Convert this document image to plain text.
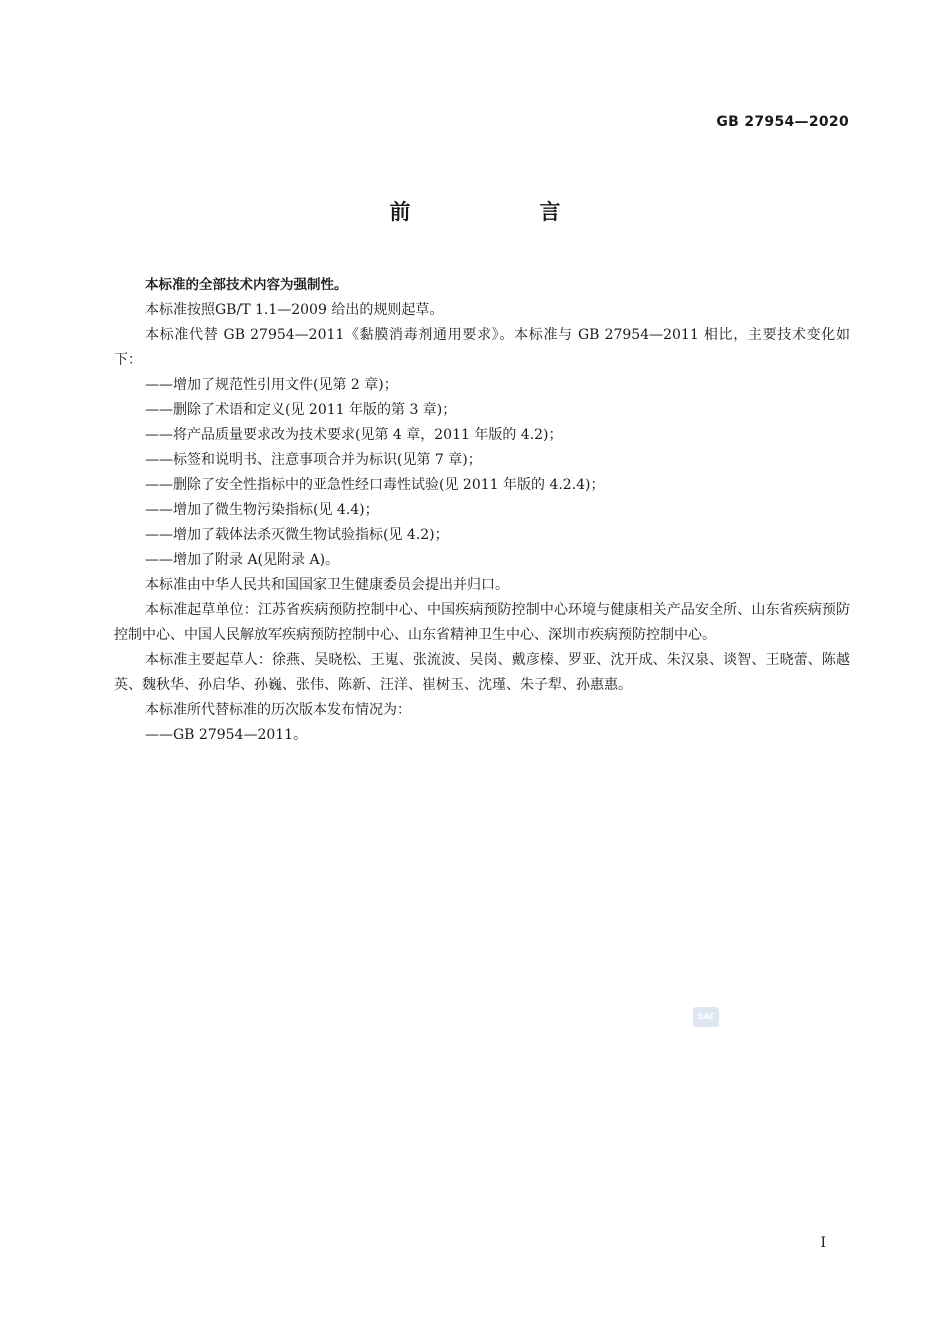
GB 27954—2020
前　言

本标准的全部技术内容为强制性。

本标准按照GB/T 1.1—2009 给出的规则起草。

本标准代替 GB 27954—2011《黏膜消毒剂通用要求》。本标准与 GB 27954—2011 相比，主要技术变化如下：

——增加了规范性引用文件(见第 2 章)；

——删除了术语和定义(见 2011 年版的第 3 章)；

——将产品质量要求改为技术要求(见第 4 章，2011 年版的 4.2)；

——标签和说明书、注意事项合并为标识(见第 7 章)；

——删除了安全性指标中的亚急性经口毒性试验(见 2011 年版的 4.2.4)；

——增加了微生物污染指标(见 4.4)；

——增加了载体法杀灭微生物试验指标(见 4.2)；

——增加了附录 A(见附录 A)。

本标准由中华人民共和国国家卫生健康委员会提出并归口。

本标准起草单位：江苏省疾病预防控制中心、中国疾病预防控制中心环境与健康相关产品安全所、山东省疾病预防控制中心、中国人民解放军疾病预防控制中心、山东省精神卫生中心、深圳市疾病预防控制中心。

本标准主要起草人：徐燕、吴晓松、王嵬、张流波、吴岗、戴彦榛、罗亚、沈开成、朱汉泉、谈智、王晓蕾、陈越英、魏秋华、孙启华、孙巍、张伟、陈新、汪洋、崔树玉、沈瑾、朱子犁、孙惠惠。

本标准所代替标准的历次版本发布情况为：

——GB 27954—2011。

SAC
I
